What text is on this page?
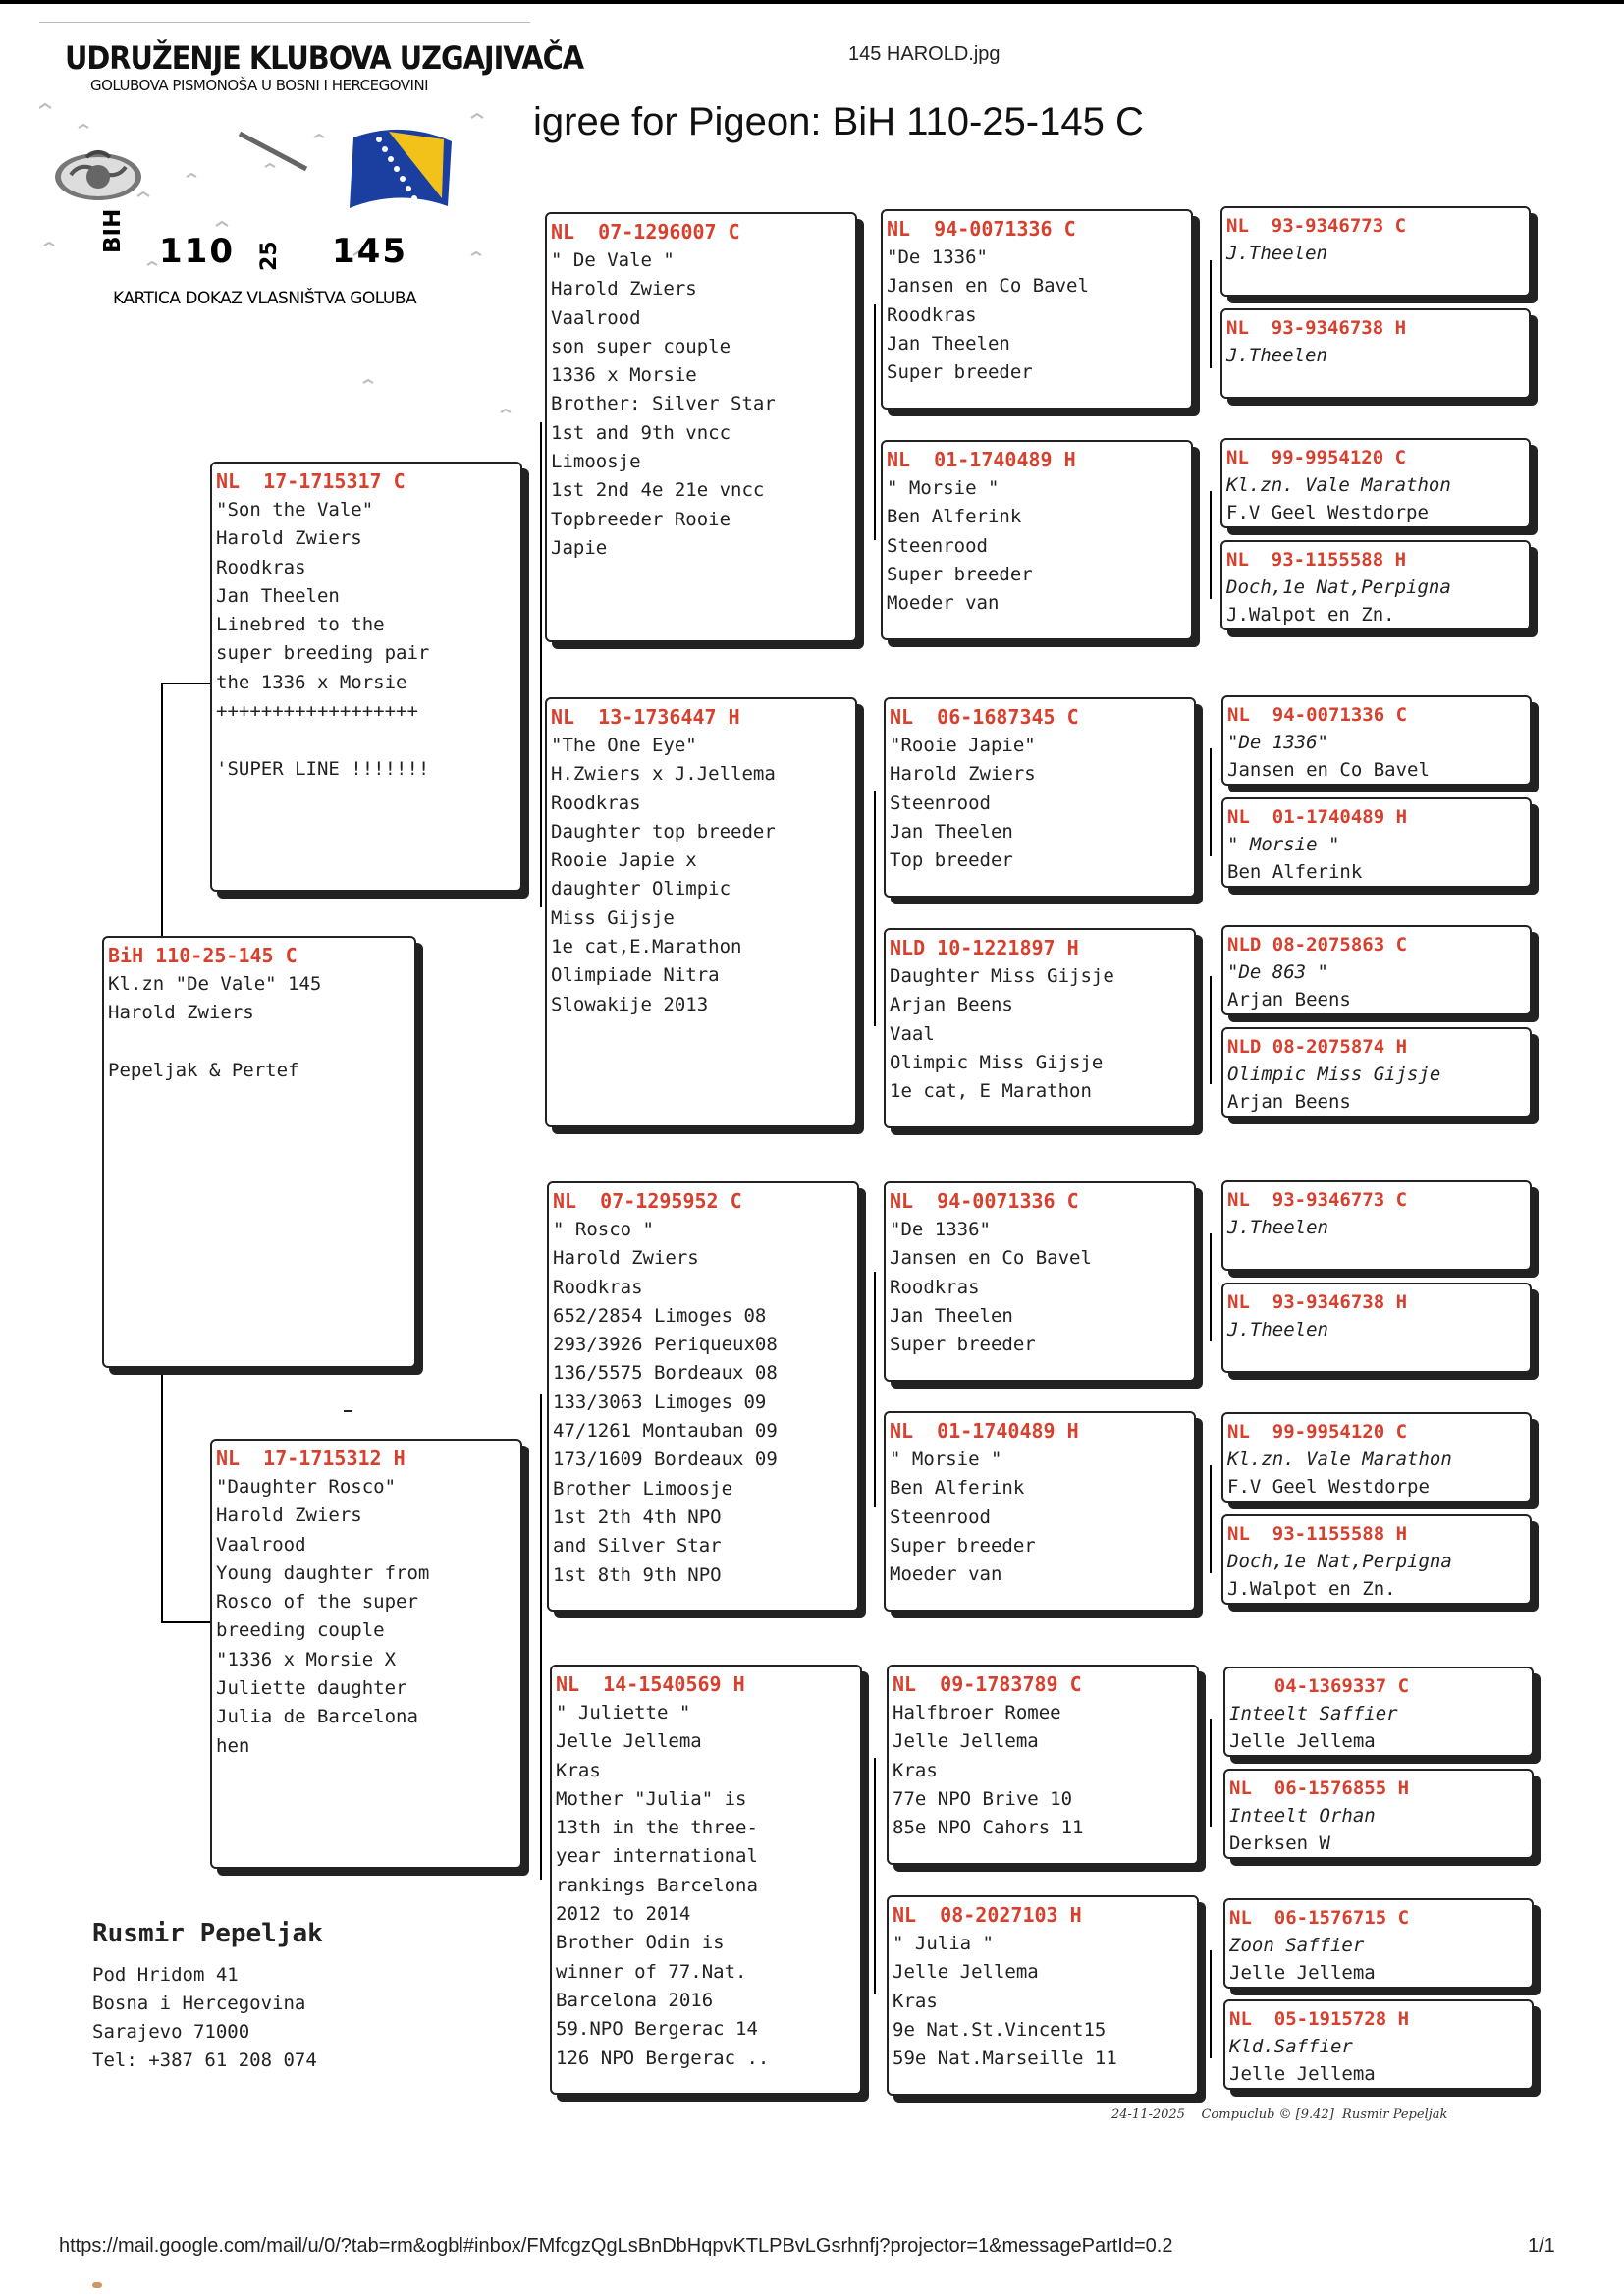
UDRUŽENJE KLUBOVA UZGAJIVAČA
GOLUBOVA PISMONOŠA U BOSNI I HERCEGOVINI
145 HAROLD.jpg
igree for Pigeon: BiH 110-25-145 C
BIH 110 25 145
KARTICA DOKAZ VLASNIŠTVA GOLUBA
BiH 110-25-145 C
Kl.zn "De Vale" 145
Harold Zwiers

Pepeljak & Pertef
NL  17-1715317 C
"Son the Vale"
Harold Zwiers
Roodkras
Jan Theelen
Linebred to the
super breeding pair
the 1336 x Morsie
++++++++++++++++++

'SUPER LINE !!!!!!!
NL  17-1715312 H
"Daughter Rosco"
Harold Zwiers
Vaalrood
Young daughter from
Rosco of the super
breeding couple
"1336 x Morsie X
Juliette daughter
Julia de Barcelona
hen
NL  07-1296007 C
" De Vale "
Harold Zwiers
Vaalrood
son super couple
1336 x Morsie
Brother: Silver Star
1st and 9th vncc
Limoosje
1st 2nd 4e 21e vncc
Topbreeder Rooie
Japie
NL  13-1736447 H
"The One Eye"
H.Zwiers x J.Jellema
Roodkras
Daughter top breeder
Rooie Japie x
daughter Olimpic
Miss Gijsje
1e cat,E.Marathon
Olimpiade Nitra
Slowakije 2013
NL  07-1295952 C
" Rosco "
Harold Zwiers
Roodkras
652/2854 Limoges 08
293/3926 Periqueux08
136/5575 Bordeaux 08
133/3063 Limoges 09
47/1261 Montauban 09
173/1609 Bordeaux 09
Brother Limoosje
1st 2th 4th NPO
and Silver Star
1st 8th 9th NPO
NL  14-1540569 H
" Juliette "
Jelle Jellema
Kras
Mother "Julia" is
13th in the three-
year international
rankings Barcelona
2012 to 2014
Brother Odin is
winner of 77.Nat.
Barcelona 2016
59.NPO Bergerac 14
126 NPO Bergerac ..
NL  94-0071336 C
"De 1336"
Jansen en Co Bavel
Roodkras
Jan Theelen
Super breeder
NL  01-1740489 H
" Morsie "
Ben Alferink
Steenrood
Super breeder
Moeder van
NL  06-1687345 C
"Rooie Japie"
Harold Zwiers
Steenrood
Jan Theelen
Top breeder
NLD 10-1221897 H
Daughter Miss Gijsje
Arjan Beens
Vaal
Olimpic Miss Gijsje
1e cat, E Marathon
NL  94-0071336 C
"De 1336"
Jansen en Co Bavel
Roodkras
Jan Theelen
Super breeder
NL  01-1740489 H
" Morsie "
Ben Alferink
Steenrood
Super breeder
Moeder van
NL  09-1783789 C
Halfbroer Romee
Jelle Jellema
Kras
77e NPO Brive 10
85e NPO Cahors 11
NL  08-2027103 H
" Julia "
Jelle Jellema
Kras
9e Nat.St.Vincent15
59e Nat.Marseille 11
NL  93-9346773 C
J.Theelen
NL  93-9346738 H
J.Theelen
NL  99-9954120 C
Kl.zn. Vale Marathon
F.V Geel Westdorpe
NL  93-1155588 H
Doch,1e Nat,Perpigna
J.Walpot en Zn.
NL  94-0071336 C
"De 1336"
Jansen en Co Bavel
NL  01-1740489 H
" Morsie "
Ben Alferink
NLD 08-2075863 C
"De 863 "
Arjan Beens
NLD 08-2075874 H
Olimpic Miss Gijsje
Arjan Beens
NL  93-9346773 C
J.Theelen
NL  93-9346738 H
J.Theelen
NL  99-9954120 C
Kl.zn. Vale Marathon
F.V Geel Westdorpe
NL  93-1155588 H
Doch,1e Nat,Perpigna
J.Walpot en Zn.
04-1369337 C
Inteelt Saffier
Jelle Jellema
NL  06-1576855 H
Inteelt Orhan
Derksen W
NL  06-1576715 C
Zoon Saffier
Jelle Jellema
NL  05-1915728 H
Kld.Saffier
Jelle Jellema
Rusmir Pepeljak
Pod Hridom 41
Bosna i Hercegovina
Sarajevo 71000
Tel: +387 61 208 074
24-11-2025 Compuclub © [9.42] Rusmir Pepeljak
https://mail.google.com/mail/u/0/?tab=rm&ogbl#inbox/FMfcgzQgLsBnDbHqpvKTLPBvLGsrhnfj?projector=1&messagePartId=0.2	1/1
